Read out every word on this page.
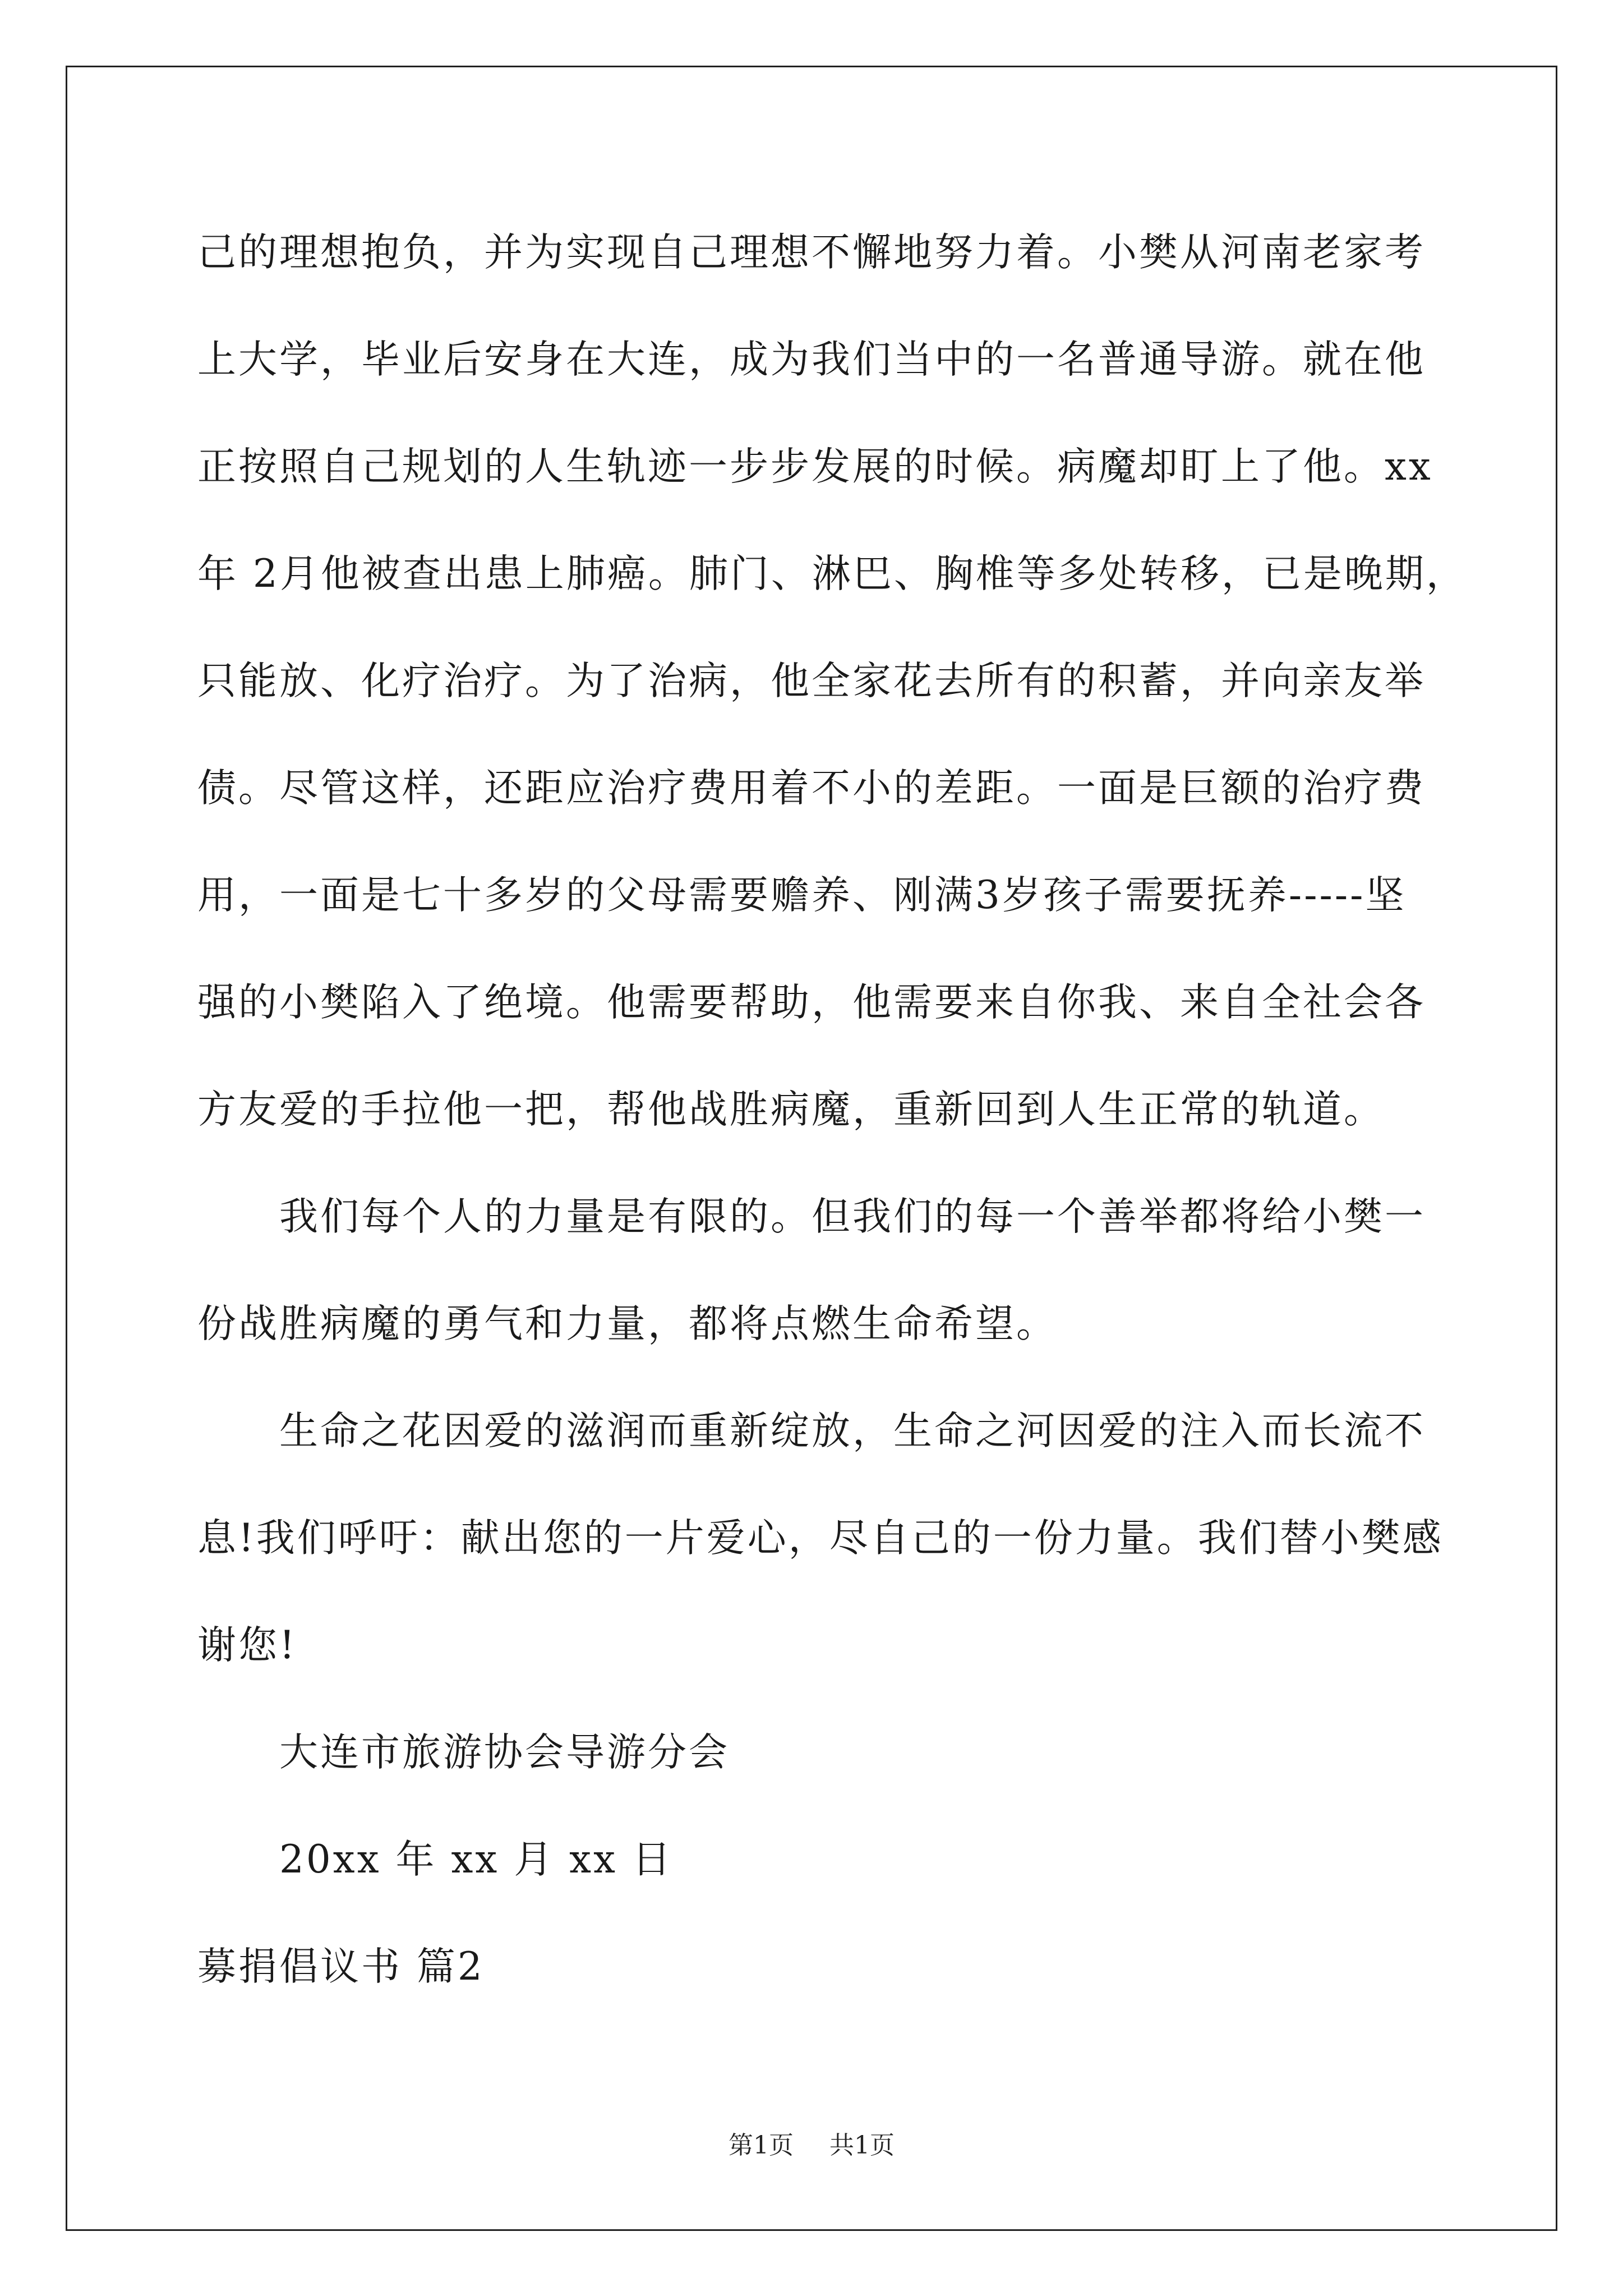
己的理想抱负，并为实现自己理想不懈地努力着。小樊从河南老家考
上大学，毕业后安身在大连，成为我们当中的一名普通导游。就在他
正按照自己规划的人生轨迹一步步发展的时候。病魔却盯上了他。xx
年 2月他被查出患上肺癌。肺门、淋巴、胸椎等多处转移，已是晚期，
只能放、化疗治疗。为了治病，他全家花去所有的积蓄，并向亲友举
债。尽管这样，还距应治疗费用着不小的差距。一面是巨额的治疗费
用，一面是七十多岁的父母需要赡养、刚满3岁孩子需要抚养-----坚
强的小樊陷入了绝境。他需要帮助，他需要来自你我、来自全社会各
方友爱的手拉他一把，帮他战胜病魔，重新回到人生正常的轨道。
我们每个人的力量是有限的。但我们的每一个善举都将给小樊一
份战胜病魔的勇气和力量，都将点燃生命希望。
生命之花因爱的滋润而重新绽放，生命之河因爱的注入而长流不
息!我们呼吁：献出您的一片爱心，尽自己的一份力量。我们替小樊感
谢您!
大连市旅游协会导游分会
20xx 年 xx 月 xx 日
募捐倡议书 篇2
第1页 共1页
